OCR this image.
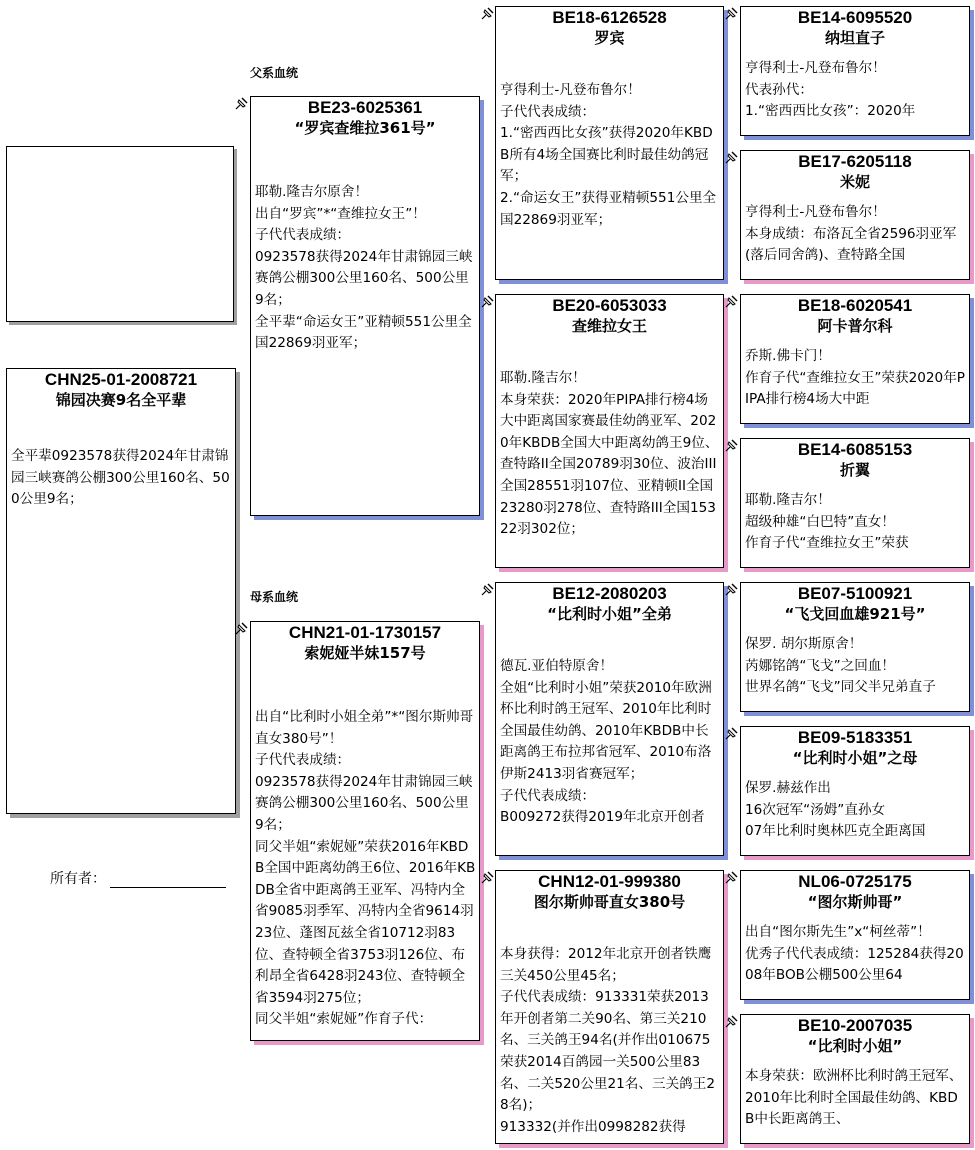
CHN25-01-2008721
锦园决赛9名全平辈
全平辈0923578获得2024年甘肃锦园三峡赛鸽公棚300公里160名、500公里9名；
所有者：
父系血统
母系血统
BE23-6025361
“罗宾查维拉361号”
耶勒.隆吉尔原舍！
出自“罗宾”*“查维拉女王”！
子代代表成绩：
0923578获得2024年甘肃锦园三峡赛鸽公棚300公里160名、500公里9名；
全平辈“命运女王”亚精顿551公里全国22869羽亚军；
CHN21-01-1730157
索妮娅半妹157号
出自“比利时小姐全弟”*“图尔斯帅哥直女380号”！
子代代表成绩：
0923578获得2024年甘肃锦园三峡赛鸽公棚300公里160名、500公里9名；
同父半姐“索妮娅”荣获2016年KBDB全国中距离幼鸽王6位、2016年KBDB全省中距离鸽王亚军、冯特内全省9085羽季军、冯特内全省9614羽23位、蓬图瓦兹全省10712羽83位、查特顿全省3753羽126位、布利昂全省6428羽243位、查特顿全省3594羽275位；
同父半姐“索妮娅”作育子代：
BE18-6126528
罗宾
亨得利士-凡登布鲁尔！
子代代表成绩：
1.“密西西比女孩”获得2020年KBDB所有4场全国赛比利时最佳幼鸽冠军；
2.“命运女王”获得亚精顿551公里全国22869羽亚军；
BE20-6053033
查维拉女王
耶勒.隆吉尔！
本身荣获：2020年PIPA排行榜4场大中距离国家赛最佳幼鸽亚军、2020年KBDB全国大中距离幼鸽王9位、查特路II全国20789羽30位、波治III全国28551羽107位、亚精顿II全国23280羽278位、查特路III全国15322羽302位；
BE12-2080203
“比利时小姐”全弟
德瓦.亚伯特原舍！
全姐“比利时小姐”荣获2010年欧洲杯比利时鸽王冠军、2010年比利时全国最佳幼鸽、2010年KBDB中长距离鸽王布拉邦省冠军、2010布洛伊斯2413羽省赛冠军；
子代代表成绩：
B009272获得2019年北京开创者
CHN12-01-999380
图尔斯帅哥直女380号
本身获得：2012年北京开创者铁鹰三关450公里45名；
子代代表成绩：913331荣获2013年开创者第二关90名、第三关210名、三关鸽王94名(并作出010675荣获2014百鸽园一关500公里83名、二关520公里21名、三关鸽王28名)；
913332(并作出0998282获得
BE14-6095520
纳坦直子
亨得利士-凡登布鲁尔！
代表孙代：
1.“密西西比女孩”：2020年
BE17-6205118
米妮
亨得利士-凡登布鲁尔！
本身成绩：布洛瓦全省2596羽亚军(落后同舍鸽)、查特路全国
BE18-6020541
阿卡普尔科
乔斯.佛卡门！
作育子代“查维拉女王”荣获2020年PIPA排行榜4场大中距
BE14-6085153
折翼
耶勒.隆吉尔！
超级种雄“白巴特”直女！
作育子代“查维拉女王”荣获
BE07-5100921
“飞戈回血雄921号”
保罗. 胡尔斯原舍！
芮娜铭鸽“飞戈”之回血！
世界名鸽“飞戈”同父半兄弟直子
BE09-5183351
“比利时小姐”之母
保罗.赫兹作出
16次冠军“汤姆”直孙女
07年比利时奥林匹克全距离国
NL06-0725175
“图尔斯帅哥”
出自“图尔斯先生”x“柯丝蒂”！
优秀子代代表成绩：125284获得2008年BOB公棚500公里64
BE10-2007035
“比利时小姐”
本身荣获：欧洲杯比利时鸽王冠军、2010年比利时全国最佳幼鸽、KBDB中长距离鸽王、
